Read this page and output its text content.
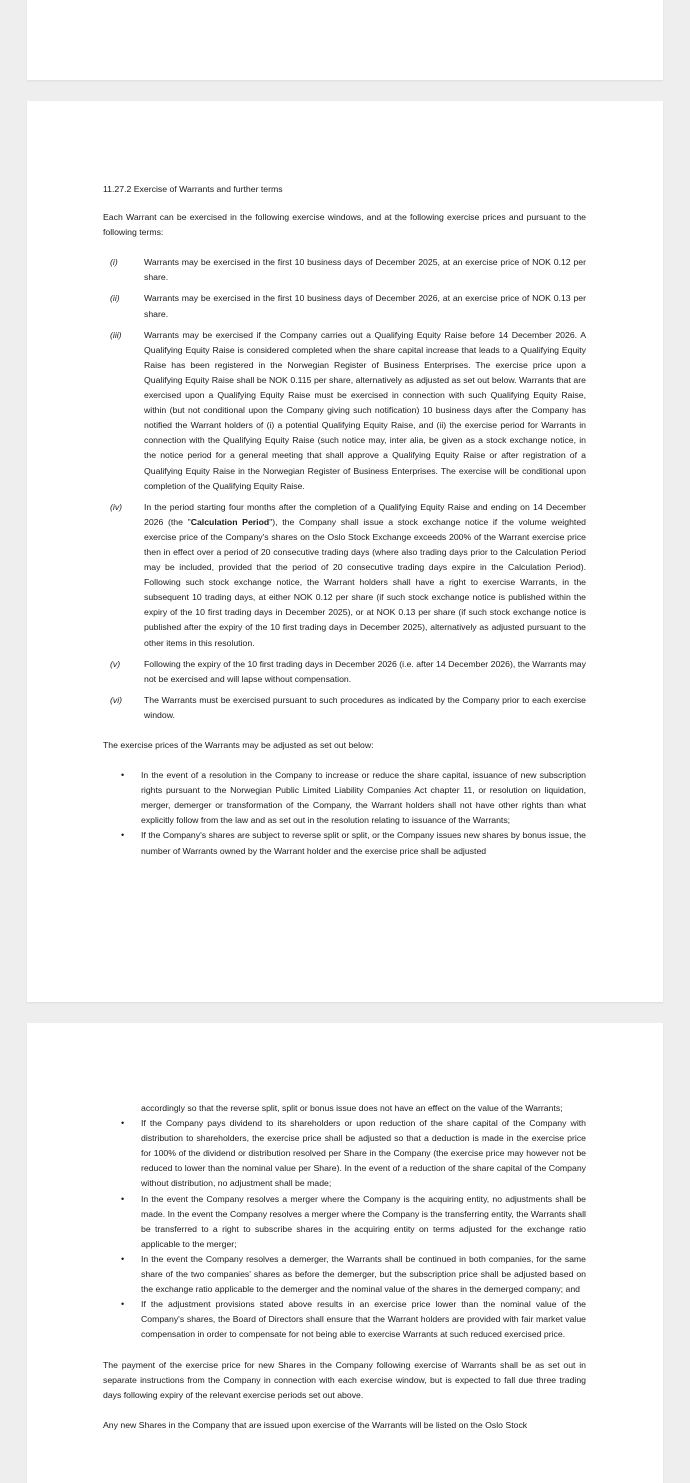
11.27.2 Exercise of Warrants and further terms

Each Warrant can be exercised in the following exercise windows, and at the following exercise prices and pursuant to the following terms:

(i)	Warrants may be exercised in the first 10 business days of December 2025, at an exercise price of NOK 0.12 per share.
(ii)	Warrants may be exercised in the first 10 business days of December 2026, at an exercise price of NOK 0.13 per share.
(iii)	Warrants may be exercised if the Company carries out a Qualifying Equity Raise before 14 December 2026. A Qualifying Equity Raise is considered completed when the share capital increase that leads to a Qualifying Equity Raise has been registered in the Norwegian Register of Business Enterprises. The exercise price upon a Qualifying Equity Raise shall be NOK 0.115 per share, alternatively as adjusted as set out below. Warrants that are exercised upon a Qualifying Equity Raise must be exercised in connection with such Qualifying Equity Raise, within (but not conditional upon the Company giving such notification) 10 business days after the Company has notified the Warrant holders of (i) a potential Qualifying Equity Raise, and (ii) the exercise period for Warrants in connection with the Qualifying Equity Raise (such notice may, inter alia, be given as a stock exchange notice, in the notice period for a general meeting that shall approve a Qualifying Equity Raise or after registration of a Qualifying Equity Raise in the Norwegian Register of Business Enterprises. The exercise will be conditional upon completion of the Qualifying Equity Raise.
(iv)	In the period starting four months after the completion of a Qualifying Equity Raise and ending on 14 December 2026 (the "Calculation Period"), the Company shall issue a stock exchange notice if the volume weighted exercise price of the Company's shares on the Oslo Stock Exchange exceeds 200% of the Warrant exercise price then in effect over a period of 20 consecutive trading days (where also trading days prior to the Calculation Period may be included, provided that the period of 20 consecutive trading days expire in the Calculation Period). Following such stock exchange notice, the Warrant holders shall have a right to exercise Warrants, in the subsequent 10 trading days, at either NOK 0.12 per share (if such stock exchange notice is published within the expiry of the 10 first trading days in December 2025), or at NOK 0.13 per share (if such stock exchange notice is published after the expiry of the 10 first trading days in December 2025), alternatively as adjusted pursuant to the other items in this resolution.
(v)	Following the expiry of the 10 first trading days in December 2026 (i.e. after 14 December 2026), the Warrants may not be exercised and will lapse without compensation.
(vi)	The Warrants must be exercised pursuant to such procedures as indicated by the Company prior to each exercise window.

The exercise prices of the Warrants may be adjusted as set out below:

•	In the event of a resolution in the Company to increase or reduce the share capital, issuance of new subscription rights pursuant to the Norwegian Public Limited Liability Companies Act chapter 11, or resolution on liquidation, merger, demerger or transformation of the Company, the Warrant holders shall not have other rights than what explicitly follow from the law and as set out in the resolution relating to issuance of the Warrants;
•	If the Company's shares are subject to reverse split or split, or the Company issues new shares by bonus issue, the number of Warrants owned by the Warrant holder and the exercise price shall be adjusted

accordingly so that the reverse split, split or bonus issue does not have an effect on the value of the Warrants;

•	If the Company pays dividend to its shareholders or upon reduction of the share capital of the Company with distribution to shareholders, the exercise price shall be adjusted so that a deduction is made in the exercise price for 100% of the dividend or distribution resolved per Share in the Company (the exercise price may however not be reduced to lower than the nominal value per Share). In the event of a reduction of the share capital of the Company without distribution, no adjustment shall be made;
•	In the event the Company resolves a merger where the Company is the acquiring entity, no adjustments shall be made. In the event the Company resolves a merger where the Company is the transferring entity, the Warrants shall be transferred to a right to subscribe shares in the acquiring entity on terms adjusted for the exchange ratio applicable to the merger;
•	In the event the Company resolves a demerger, the Warrants shall be continued in both companies, for the same share of the two companies' shares as before the demerger, but the subscription price shall be adjusted based on the exchange ratio applicable to the demerger and the nominal value of the shares in the demerged company; and
•	If the adjustment provisions stated above results in an exercise price lower than the nominal value of the Company's shares, the Board of Directors shall ensure that the Warrant holders are provided with fair market value compensation in order to compensate for not being able to exercise Warrants at such reduced exercised price.

The payment of the exercise price for new Shares in the Company following exercise of Warrants shall be as set out in separate instructions from the Company in connection with each exercise window, but is expected to fall due three trading days following expiry of the relevant exercise periods set out above.

Any new Shares in the Company that are issued upon exercise of the Warrants will be listed on the Oslo Stock
